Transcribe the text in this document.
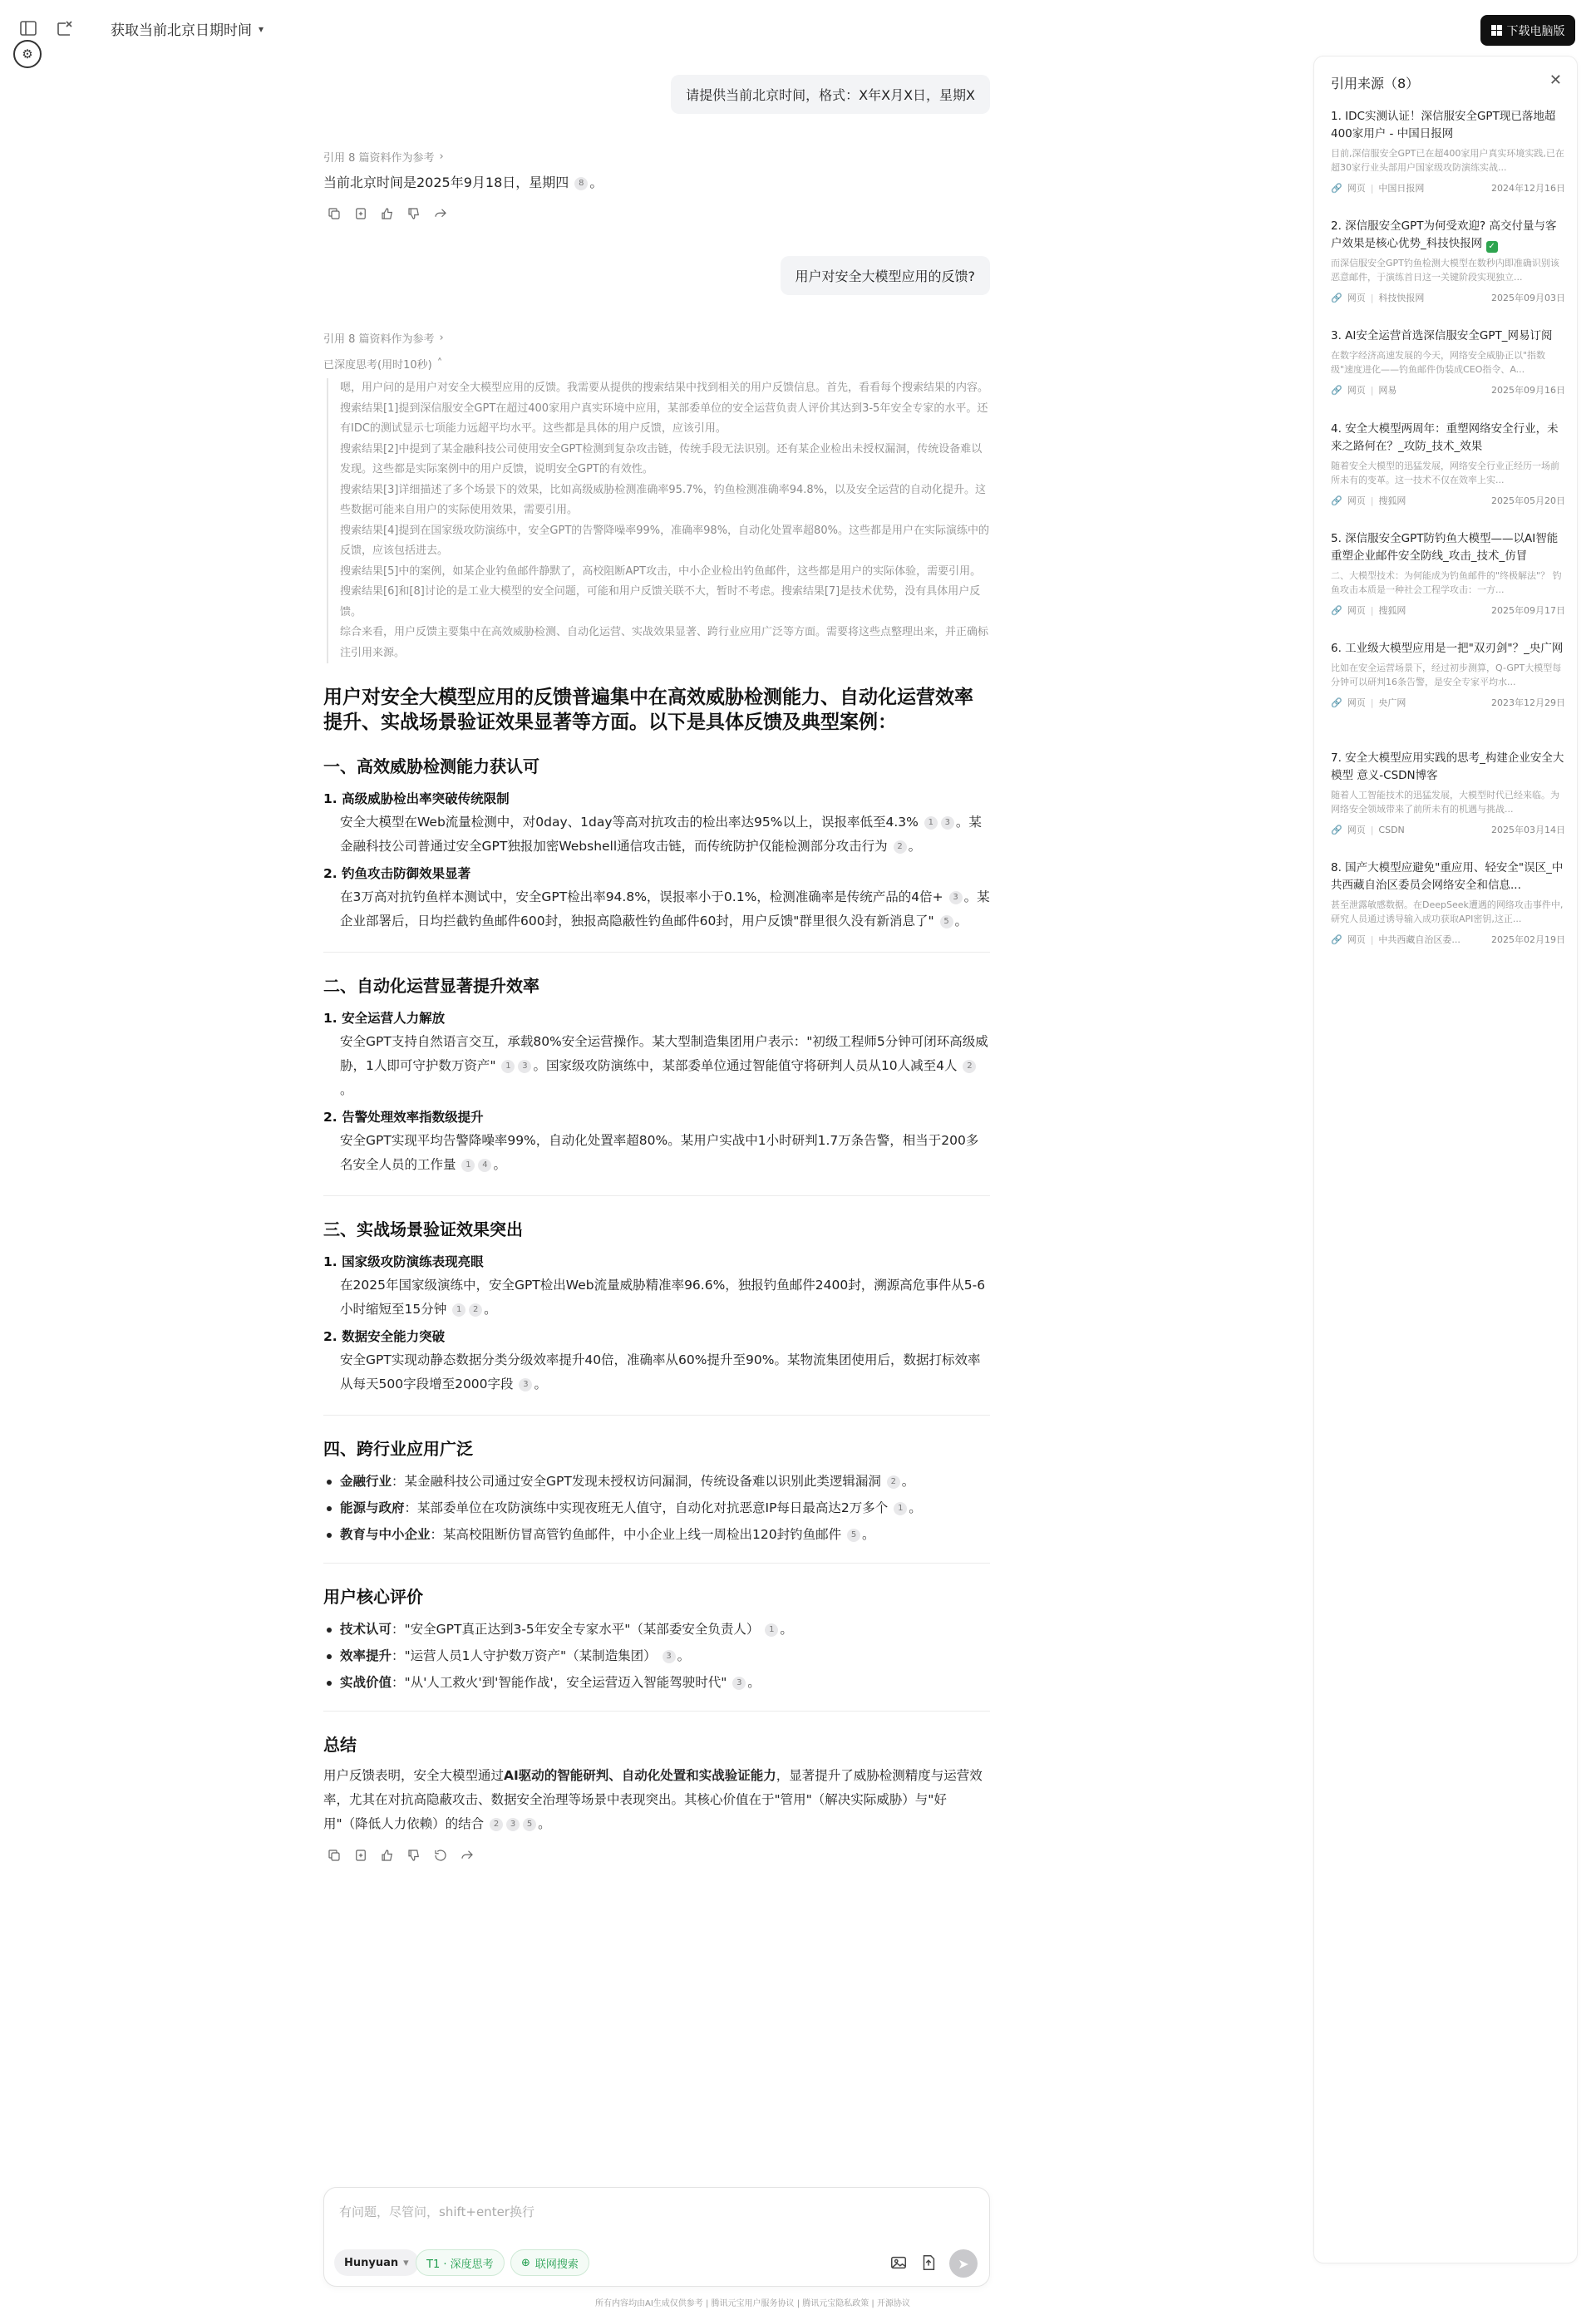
获取当前北京日期时间 ▾
⚙
下载电脑版
请提供当前北京时间，格式：X年X月X日，星期X
引用 8 篇资料作为参考 ›
当前北京时间是2025年9月18日，星期四 8 。
用户对安全大模型应用的反馈?
引用 8 篇资料作为参考 ›
已深度思考(用时10秒) ˄

嗯，用户问的是用户对安全大模型应用的反馈。我需要从提供的搜索结果中找到相关的用户反馈信息。首先，看看每个搜索结果的内容。

搜索结果[1]提到深信服安全GPT在超过400家用户真实环境中应用，某部委单位的安全运营负责人评价其达到3-5年安全专家的水平。还有IDC的测试显示七项能力远超平均水平。这些都是具体的用户反馈，应该引用。

搜索结果[2]中提到了某金融科技公司使用安全GPT检测到复杂攻击链，传统手段无法识别。还有某企业检出未授权漏洞，传统设备难以发现。这些都是实际案例中的用户反馈，说明安全GPT的有效性。

搜索结果[3]详细描述了多个场景下的效果，比如高级威胁检测准确率95.7%，钓鱼检测准确率94.8%，以及安全运营的自动化提升。这些数据可能来自用户的实际使用效果，需要引用。

搜索结果[4]提到在国家级攻防演练中，安全GPT的告警降噪率99%，准确率98%，自动化处置率超80%。这些都是用户在实际演练中的反馈，应该包括进去。

搜索结果[5]中的案例，如某企业钓鱼邮件静默了，高校阻断APT攻击，中小企业检出钓鱼邮件，这些都是用户的实际体验，需要引用。

搜索结果[6]和[8]讨论的是工业大模型的安全问题，可能和用户反馈关联不大，暂时不考虑。搜索结果[7]是技术优势，没有具体用户反馈。

综合来看，用户反馈主要集中在高效威胁检测、自动化运营、实战效果显著、跨行业应用广泛等方面。需要将这些点整理出来，并正确标注引用来源。

用户对安全大模型应用的反馈普遍集中在高效威胁检测能力、自动化运营效率提升、实战场景验证效果显著等方面。以下是具体反馈及典型案例：
一、高效威胁检测能力获认可
1. 高级威胁检出率突破传统限制
安全大模型在Web流量检测中，对0day、1day等高对抗攻击的检出率达95%以上，误报率低至4.3% 1 3 。某金融科技公司普通过安全GPT独报加密Webshell通信攻击链，而传统防护仅能检测部分攻击行为 2 。
2. 钓鱼攻击防御效果显著
在3万高对抗钓鱼样本测试中，安全GPT检出率94.8%，误报率小于0.1%，检测准确率是传统产品的4倍+ 3 。某企业部署后，日均拦截钓鱼邮件600封，独报高隐蔽性钓鱼邮件60封，用户反馈"群里很久没有新消息了" 5 。
二、自动化运营显著提升效率
1. 安全运营人力解放
安全GPT支持自然语言交互，承载80%安全运营操作。某大型制造集团用户表示："初级工程师5分钟可闭环高级威胁，1人即可守护数万资产" 1 3 。国家级攻防演练中，某部委单位通过智能值守将研判人员从10人减至4人 2。
2. 告警处理效率指数级提升
安全GPT实现平均告警降噪率99%，自动化处置率超80%。某用户实战中1小时研判1.7万条告警，相当于200多名安全人员的工作量 1 4 。
三、实战场景验证效果突出
1. 国家级攻防演练表现亮眼
在2025年国家级演练中，安全GPT检出Web流量威胁精准率96.6%，独报钓鱼邮件2400封，溯源高危事件从5-6小时缩短至15分钟 1 2 。
2. 数据安全能力突破
安全GPT实现动静态数据分类分级效率提升40倍，准确率从60%提升至90%。某物流集团使用后，数据打标效率从每天500字段增至2000字段 3 。
四、跨行业应用广泛
金融行业：某金融科技公司通过安全GPT发现未授权访问漏洞，传统设备难以识别此类逻辑漏洞 2 。
能源与政府：某部委单位在攻防演练中实现夜班无人值守，自动化对抗恶意IP每日最高达2万多个 1 。
教育与中小企业：某高校阻断仿冒高管钓鱼邮件，中小企业上线一周检出120封钓鱼邮件 5 。
用户核心评价
技术认可："安全GPT真正达到3-5年安全专家水平"（某部委安全负责人） 1 。
效率提升："运营人员1人守护数万资产"（某制造集团） 3 。
实战价值："从'人工救火'到'智能作战'，安全运营迈入智能驾驶时代" 3 。
总结
用户反馈表明，安全大模型通过AI驱动的智能研判、自动化处置和实战验证能力，显著提升了威胁检测精度与运营效率，尤其在对抗高隐蔽攻击、数据安全治理等场景中表现突出。其核心价值在于"管用"（解决实际威胁）与"好用"（降低人力依赖）的结合 2 3 5 。
有问题，尽管问，shift+enter换行
Hunyuan ▾ T1 · 深度思考	⊕ 联网搜索	➤
所有内容均由AI生成仅供参考 | 腾讯元宝用户服务协议 | 腾讯元宝隐私政策 | 开源协议
引用来源（8）	✕
1. IDC实测认证！深信服安全GPT现已落地超400家用户 - 中国日报网
目前,深信服安全GPT已在超400家用户真实环境实践,已在超30家行业头部用户国家级攻防演练实战...
🔗 网页 | 中国日报网	2024年12月16日
2. 深信服安全GPT为何受欢迎? 高交付量与客户效果是核心优势_科技快报网 ✓
而深信服安全GPT钓鱼检测大模型在数秒内即准确识别该恶意邮件，于演练首日这一关键阶段实现独立...
🔗 网页 | 科技快报网	2025年09月03日
3. AI安全运营首选深信服安全GPT_网易订阅
在数字经济高速发展的今天，网络安全威胁正以"指数级"速度进化——钓鱼邮件伪装成CEO指令、A...
🔗 网页 | 网易	2025年09月16日
4. 安全大模型两周年：重塑网络安全行业，未来之路何在？_攻防_技术_效果
随着安全大模型的迅猛发展，网络安全行业正经历一场前所未有的变革。这一技术不仅在效率上实...
🔗 网页 | 搜狐网	2025年05月20日
5. 深信服安全GPT防钓鱼大模型——以AI智能重塑企业邮件安全防线_攻击_技术_仿冒
二、大模型技术：为何能成为钓鱼邮件的"终极解法"？ 钓鱼攻击本质是一种社会工程学攻击：一方...
🔗 网页 | 搜狐网	2025年09月17日
6. 工业级大模型应用是一把"双刃剑"？_央广网
比如在安全运营场景下，经过初步测算，Q-GPT大模型每分钟可以研判16条告警，是安全专家平均水...
🔗 网页 | 央广网	2023年12月29日
7. 安全大模型应用实践的思考_构建企业安全大模型 意义-CSDN博客
随着人工智能技术的迅猛发展，大模型时代已经来临。为网络安全领域带来了前所未有的机遇与挑战...
🔗 网页 | CSDN	2025年03月14日
8. 国产大模型应避免"重应用、轻安全"误区_中共西藏自治区委员会网络安全和信息...
甚至泄露敏感数据。在DeepSeek遭遇的网络攻击事件中,研究人员通过诱导输入成功获取API密钥,这正...
🔗 网页 | 中共西藏自治区委...	2025年02月19日
